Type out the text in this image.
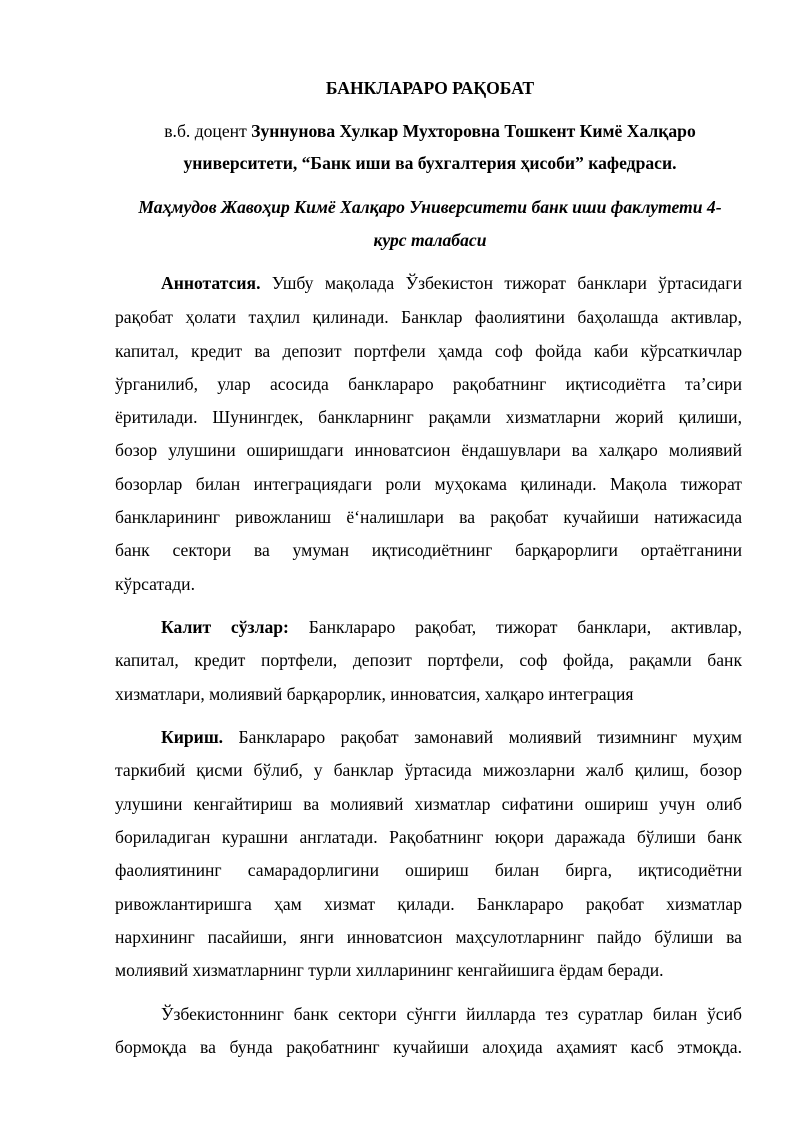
БАНКЛАРАРО РАҚОБАТ
в.б. доцент Зуннунова Хулкар Мухторовна Тошкент Кимё Халқаро
университети, “Банк иши ва бухгалтерия ҳисоби” кафедраси.
Маҳмудов Жавоҳир Кимё Халқаро Университети банк иши факлутети 4-
курс талабаси
Аннотатсия. Ушбу мақолада Ўзбекистон тижорат банклари ўртасидаги
рақобат ҳолати таҳлил қилинади. Банклар фаолиятини баҳолашда активлар,
капитал, кредит ва депозит портфели ҳамда соф фойда каби кўрсаткичлар
ўрганилиб, улар асосида банклараро рақобатнинг иқтисодиётга таʼсири
ёритилади. Шунингдек, банкларнинг рақамли хизматларни жорий қилиши,
бозор улушини оширишдаги инноватсион ёндашувлари ва халқаро молиявий
бозорлар билан интеграциядаги роли муҳокама қилинади. Мақола тижорат
банкларининг ривожланиш ёʻналишлари ва рақобат кучайиши натижасида
банк сектори ва умуман иқтисодиётнинг барқарорлиги ортаётганини
кўрсатади.
Калит сўзлар: Банклараро рақобат, тижорат банклари, активлар,
капитал, кредит портфели, депозит портфели, соф фойда, рақамли банк
хизматлари, молиявий барқарорлик, инноватсия, халқаро интеграция
Кириш. Банклараро рақобат замонавий молиявий тизимнинг муҳим
таркибий қисми бўлиб, у банклар ўртасида мижозларни жалб қилиш, бозор
улушини кенгайтириш ва молиявий хизматлар сифатини ошириш учун олиб
бориладиган курашни англатади. Рақобатнинг юқори даражада бўлиши банк
фаолиятининг самарадорлигини ошириш билан бирга, иқтисодиётни
ривожлантиришга ҳам хизмат қилади. Банклараро рақобат хизматлар
нархининг пасайиши, янги инноватсион маҳсулотларнинг пайдо бўлиши ва
молиявий хизматларнинг турли хилларининг кенгайишига ёрдам беради.
Ўзбекистоннинг банк сектори сўнгги йилларда тез суратлар билан ўсиб
бормоқда ва бунда рақобатнинг кучайиши алоҳида аҳамият касб этмоқда.
